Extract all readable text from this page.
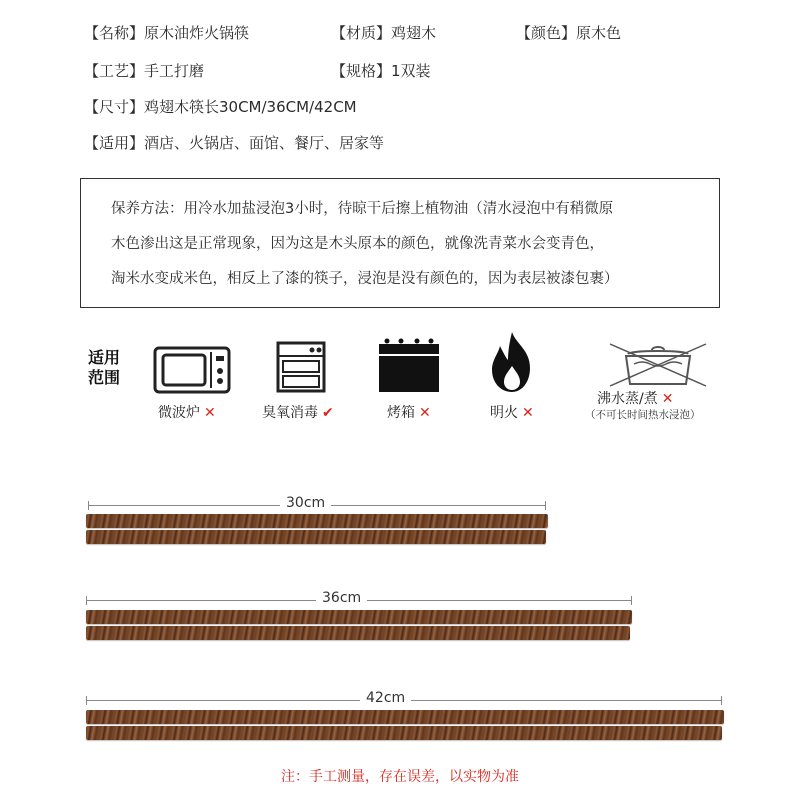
【名称】原木油炸火锅筷	【材质】鸡翅木	【颜色】原木色
【工艺】手工打磨	【规格】1双装
【尺寸】鸡翅木筷长30CM/36CM/42CM
【适用】酒店、火锅店、面馆、餐厅、居家等
保养方法：用冷水加盐浸泡3小时，待晾干后擦上植物油（清水浸泡中有稍微原
木色渗出这是正常现象，因为这是木头原本的颜色，就像洗青菜水会变青色，
淘米水变成米色，相反上了漆的筷子，浸泡是没有颜色的，因为表层被漆包裹）
适用
范围
微波炉 ✕	臭氧消毒 ✔	烤箱 ✕	明火 ✕
沸水蒸/煮 ✕
（不可长时间热水浸泡）
30cm
36cm
42cm
注：手工测量，存在误差，以实物为准
